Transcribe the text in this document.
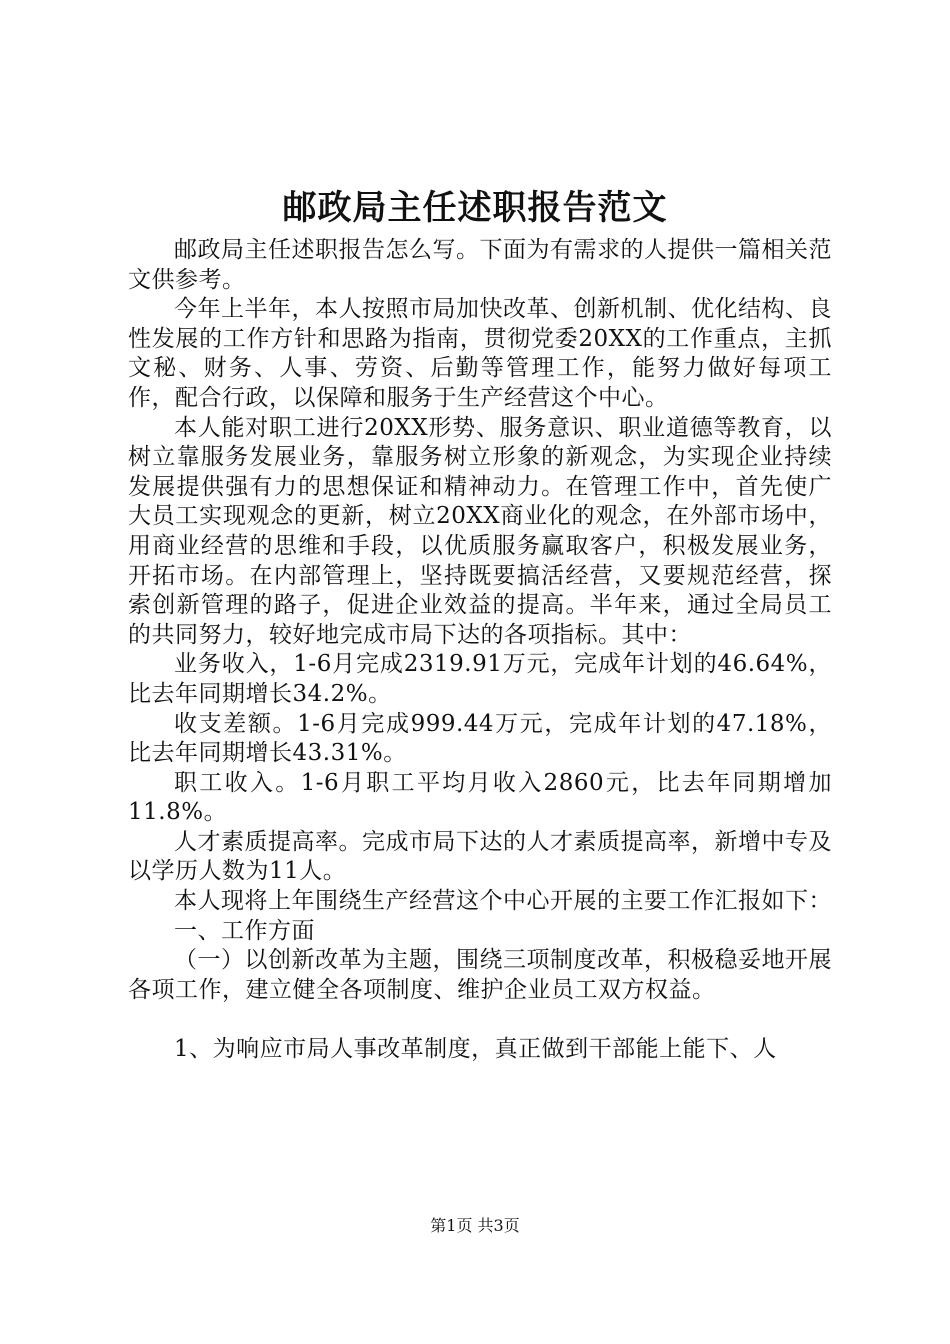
邮政局主任述职报告范文

邮政局主任述职报告怎么写。下面为有需求的人提供一篇相关范文供参考。

今年上半年，本人按照市局加快改革、创新机制、优化结构、良性发展的工作方针和思路为指南，贯彻党委20XX的工作重点，主抓文秘、财务、人事、劳资、后勤等管理工作，能努力做好每项工作，配合行政，以保障和服务于生产经营这个中心。

本人能对职工进行20XX形势、服务意识、职业道德等教育，以树立靠服务发展业务，靠服务树立形象的新观念，为实现企业持续发展提供强有力的思想保证和精神动力。在管理工作中，首先使广大员工实现观念的更新，树立20XX商业化的观念，在外部市场中，用商业经营的思维和手段，以优质服务赢取客户，积极发展业务，开拓市场。在内部管理上，坚持既要搞活经营，又要规范经营，探索创新管理的路子，促进企业效益的提高。半年来，通过全局员工的共同努力，较好地完成市局下达的各项指标。其中：

业务收入，1-6月完成2319.91万元，完成年计划的46.64%，比去年同期增长34.2%。

收支差额。1-6月完成999.44万元，完成年计划的47.18%，比去年同期增长43.31%。

职工收入。1-6月职工平均月收入2860元，比去年同期增加11.8%。

人才素质提高率。完成市局下达的人才素质提高率，新增中专及以学历人数为11人。

本人现将上年围绕生产经营这个中心开展的主要工作汇报如下：

一、工作方面

（一）以创新改革为主题，围绕三项制度改革，积极稳妥地开展各项工作，建立健全各项制度、维护企业员工双方权益。

1、为响应市局人事改革制度，真正做到干部能上能下、人

第1页 共3页
